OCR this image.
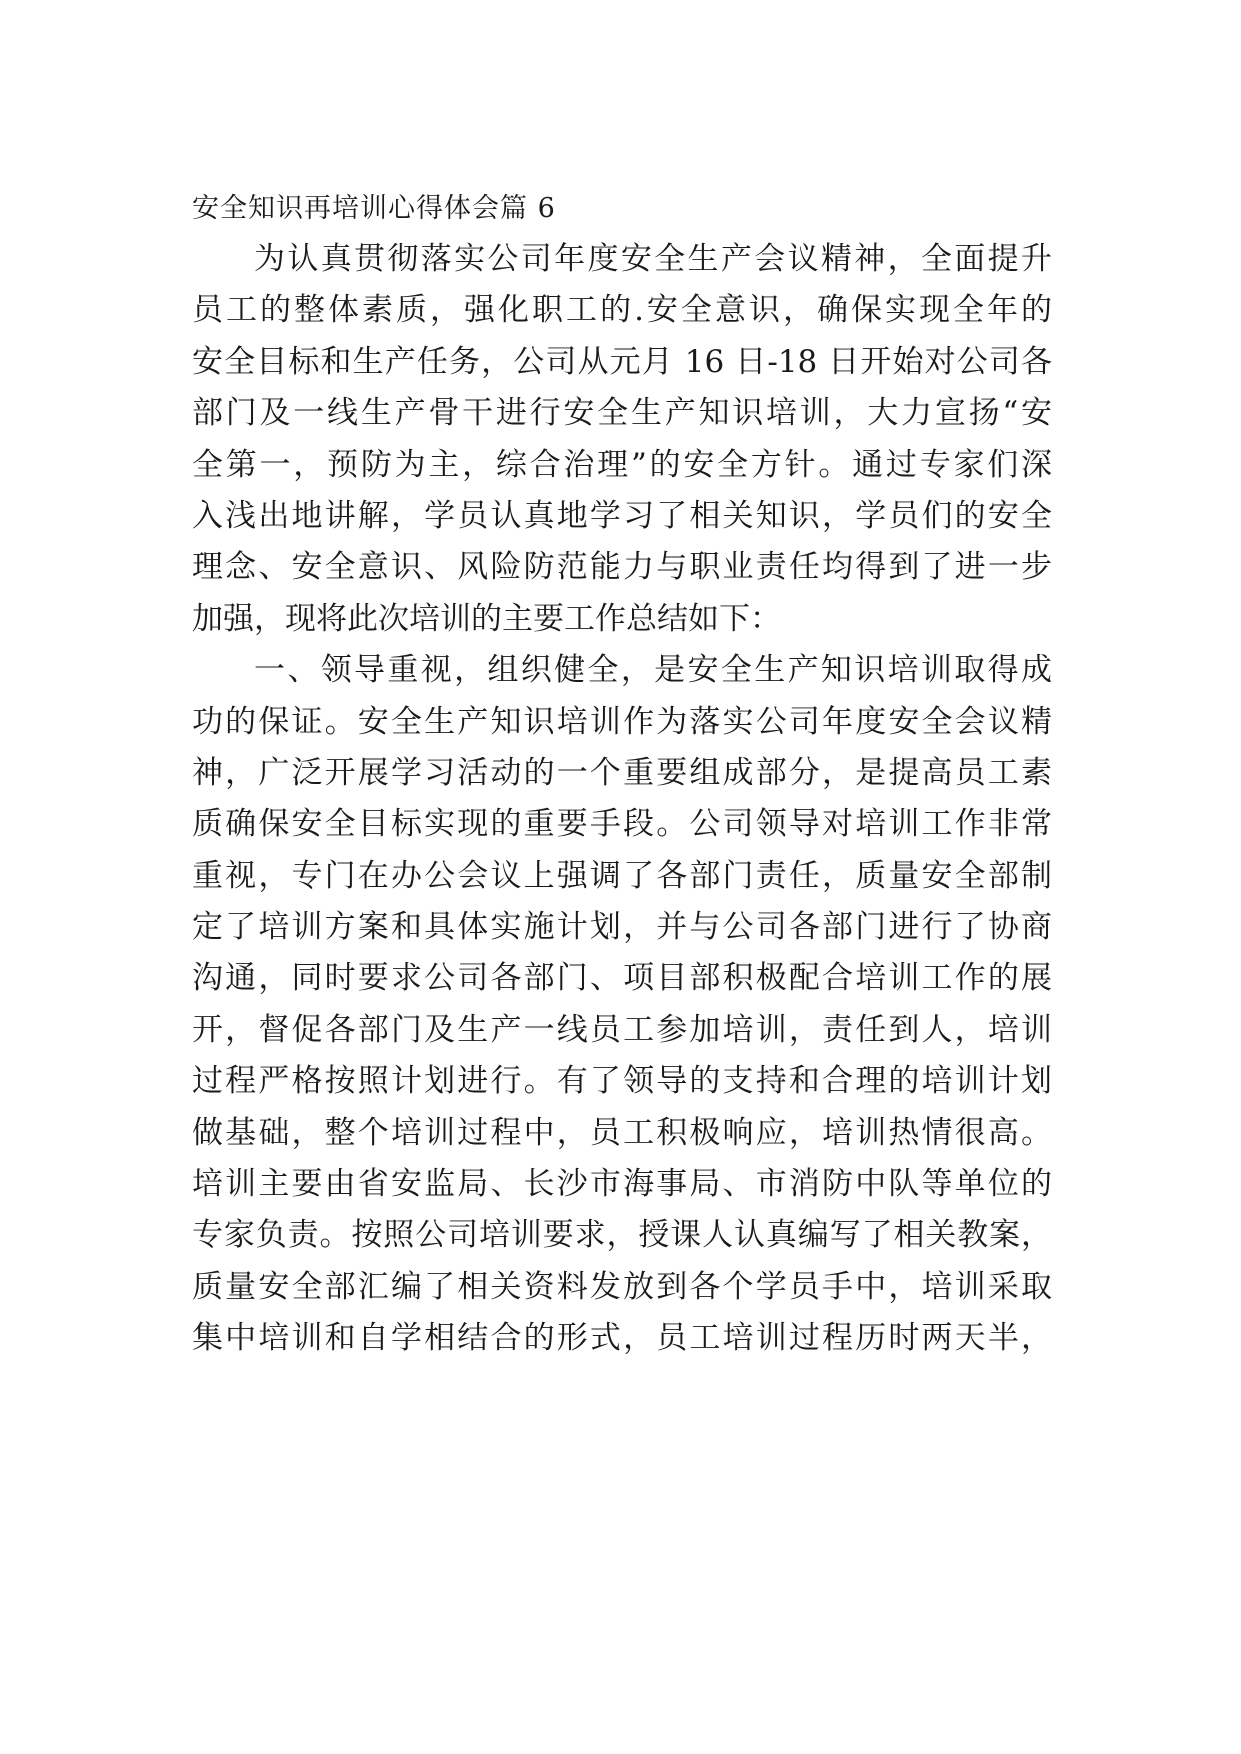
安全知识再培训心得体会篇 6

为认真贯彻落实公司年度安全生产会议精神，全面提升

员工的整体素质，强化职工的.安全意识，确保实现全年的

安全目标和生产任务，公司从元月 16 日-18 日开始对公司各

部门及一线生产骨干进行安全生产知识培训，大力宣扬“安

全第一，预防为主，综合治理”的安全方针。通过专家们深

入浅出地讲解，学员认真地学习了相关知识，学员们的安全

理念、安全意识、风险防范能力与职业责任均得到了进一步

加强，现将此次培训的主要工作总结如下：

一、领导重视，组织健全，是安全生产知识培训取得成

功的保证。安全生产知识培训作为落实公司年度安全会议精

神，广泛开展学习活动的一个重要组成部分，是提高员工素

质确保安全目标实现的重要手段。公司领导对培训工作非常

重视，专门在办公会议上强调了各部门责任，质量安全部制

定了培训方案和具体实施计划，并与公司各部门进行了协商

沟通，同时要求公司各部门、项目部积极配合培训工作的展

开，督促各部门及生产一线员工参加培训，责任到人，培训

过程严格按照计划进行。有了领导的支持和合理的培训计划

做基础，整个培训过程中，员工积极响应，培训热情很高。

培训主要由省安监局、长沙市海事局、市消防中队等单位的

专家负责。按照公司培训要求，授课人认真编写了相关教案，

质量安全部汇编了相关资料发放到各个学员手中，培训采取

集中培训和自学相结合的形式，员工培训过程历时两天半，
